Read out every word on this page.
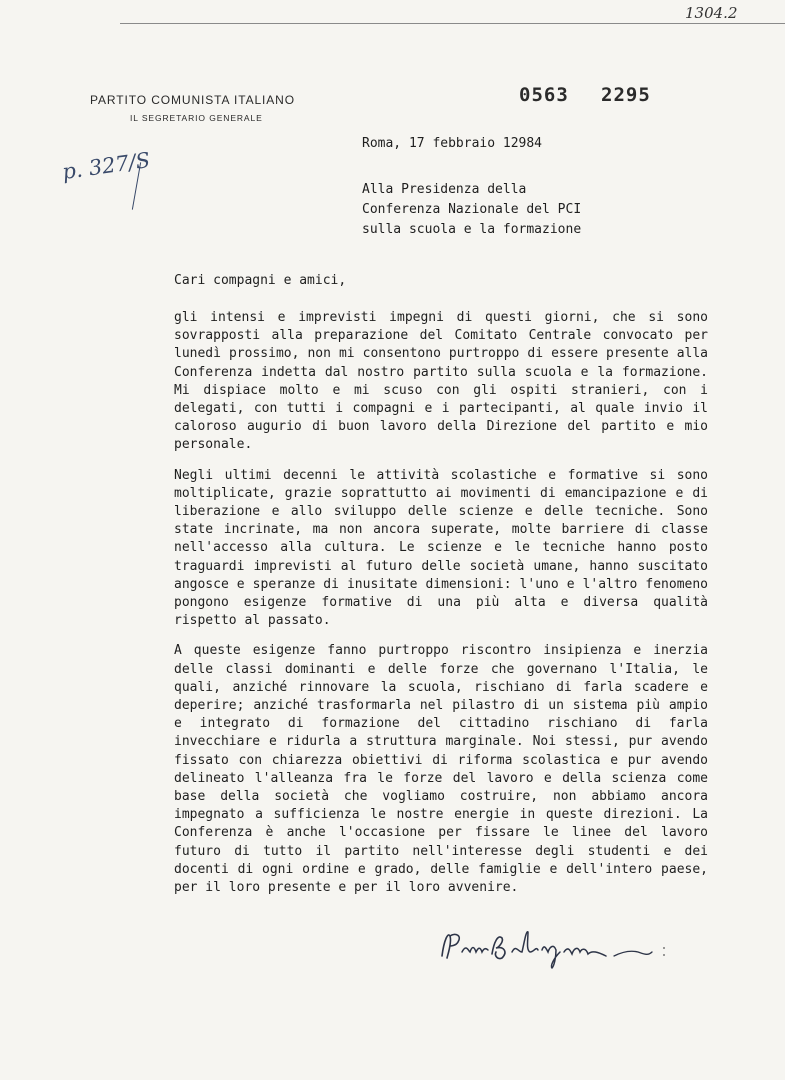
1304.2
PARTITO COMUNISTA ITALIANO
IL SEGRETARIO GENERALE
0563 2295
p. 327/S
Roma, 17 febbraio 12984
Alla Presidenza della
Conferenza Nazionale del PCI
sulla scuola e la formazione
Cari compagni e amici,

gli intensi e imprevisti impegni di questi giorni, che si sono sovrapposti alla preparazione del Comitato Centrale convocato per lunedì prossimo, non mi consentono purtroppo di essere presente alla Conferenza indetta dal nostro partito sulla scuola e la formazione. Mi dispiace molto e mi scuso con gli ospiti stranieri, con i delegati, con tutti i compagni e i partecipanti, al quale invio il caloroso augurio di buon lavoro della Direzione del partito e mio personale.

Negli ultimi decenni le attività scolastiche e formative si sono moltiplicate, grazie soprattutto ai movimenti di emancipazione e di liberazione e allo sviluppo delle scienze e delle tecniche. Sono state incrinate, ma non ancora superate, molte barriere di classe nell'accesso alla cultura. Le scienze e le tecniche hanno posto traguardi imprevisti al futuro delle società umane, hanno suscitato angosce e speranze di inusitate dimensioni: l'uno e l'altro fenomeno pongono esigenze formative di una più alta e diversa qualità rispetto al passato.

A queste esigenze fanno purtroppo riscontro insipienza e inerzia delle classi dominanti e delle forze che governano l'Italia, le quali, anziché rinnovare la scuola, rischiano di farla scadere e deperire; anziché trasformarla nel pilastro di un sistema più ampio e integrato di formazione del cittadino rischiano di farla invecchiare e ridurla a struttura marginale. Noi stessi, pur avendo fissato con chiarezza obiettivi di riforma scolastica e pur avendo delineato l'alleanza fra le forze del lavoro e della scienza come base della società che vogliamo costruire, non abbiamo ancora impegnato a sufficienza le nostre energie in queste direzioni. La Conferenza è anche l'occasione per fissare le linee del lavoro futuro di tutto il partito nell'interesse degli studenti e dei docenti di ogni ordine e grado, delle famiglie e dell'intero paese, per il loro presente e per il loro avvenire.
